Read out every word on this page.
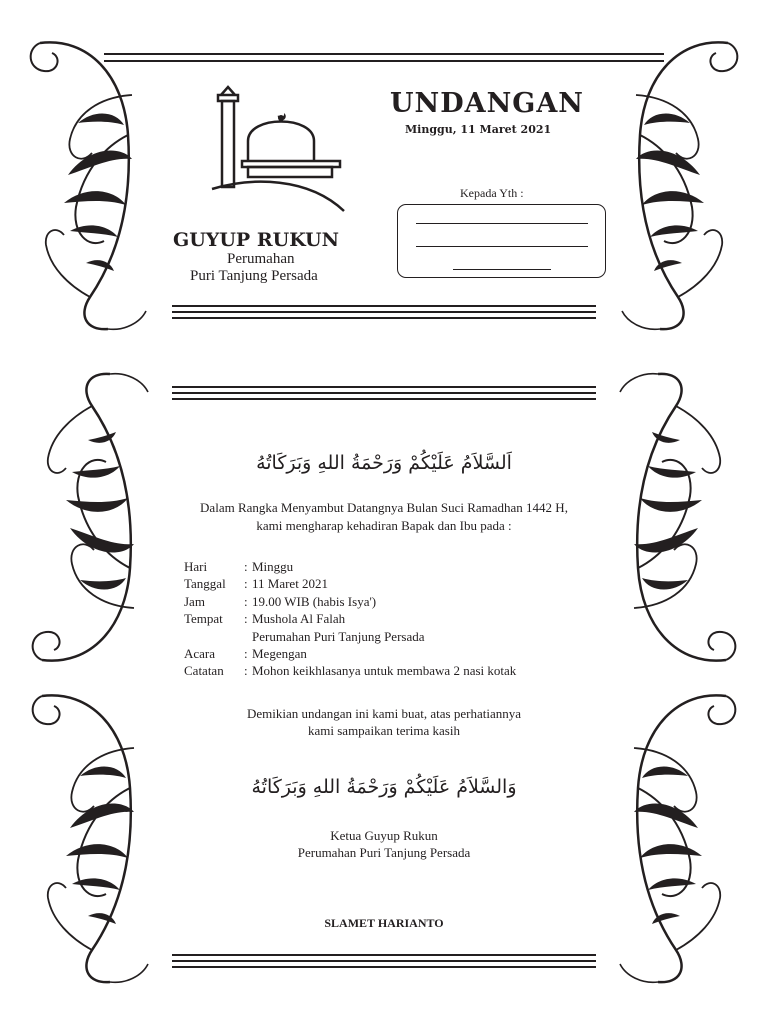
UNDANGAN
Minggu, 11 Maret 2021
GUYUP RUKUN
Perumahan
Puri Tanjung Persada
Kepada Yth :
اَلسَّلاَمُ عَلَيْكُمْ وَرَحْمَةُ اللهِ وَبَرَكَاتُهُ
Dalam Rangka Menyambut Datangnya Bulan Suci Ramadhan 1442 H,
kami mengharap kehadiran Bapak dan Ibu pada :
Hari	: Minggu
Tanggal : 11 Maret 2021
Jam	: 19.00 WIB (habis Isya')
Tempat : Mushola Al Falah
Perumahan Puri Tanjung Persada
Acara : Megengan
Catatan : Mohon keikhlasanya untuk membawa 2 nasi kotak
Demikian undangan ini kami buat, atas perhatiannya
kami sampaikan terima kasih
وَالسَّلاَمُ عَلَيْكُمْ وَرَحْمَةُ اللهِ وَبَرَكَاتُهُ
Ketua Guyup Rukun
Perumahan Puri Tanjung Persada
SLAMET HARIANTO
